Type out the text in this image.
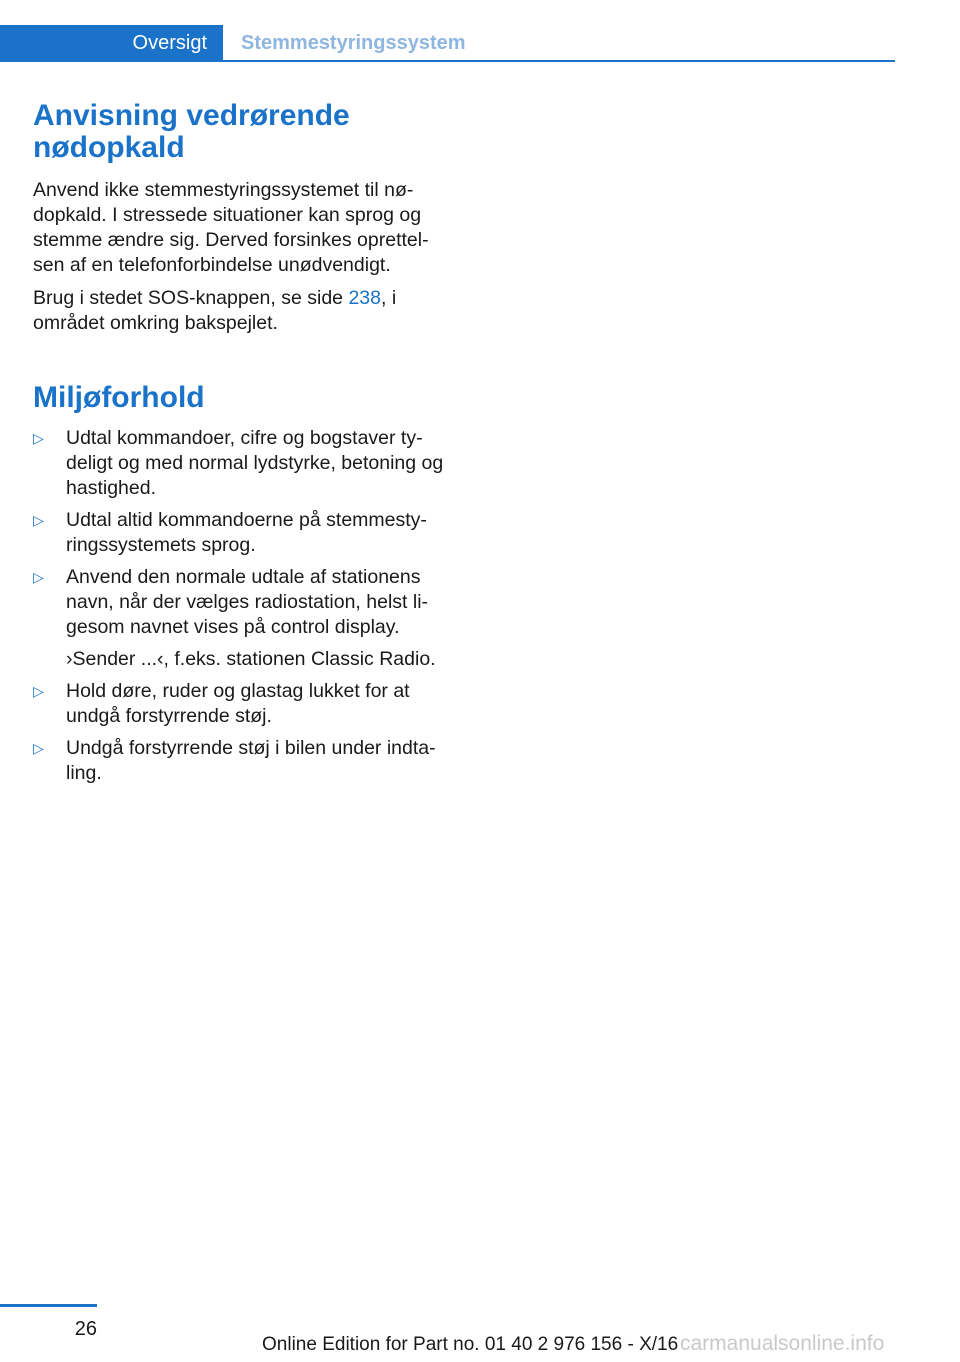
Oversigt	Stemmestyringssystem
Anvisning vedrørende nødopkald

Anvend ikke stemmestyringssystemet til nødopkald. I stressede situationer kan sprog og stemme ændre sig. Derved forsinkes oprettelsen af en telefonforbindelse unødvendigt.

Brug i stedet SOS-knappen, se side 238, i området omkring bakspejlet.

Miljøforhold
▷ Udtal kommandoer, cifre og bogstaver tydeligt og med normal lydstyrke, betoning og hastighed.
▷ Udtal altid kommandoerne på stemmestyringssystemets sprog.
▷ Anvend den normale udtale af stationens navn, når der vælges radiostation, helst ligesom navnet vises på control display.
›Sender ...‹, f.eks. stationen Classic Radio.
▷ Hold døre, ruder og glastag lukket for at undgå forstyrrende støj.
▷ Undgå forstyrrende støj i bilen under indtaling.
26
Online Edition for Part no. 01 40 2 976 156 - X/16 carmanualsonline.info
